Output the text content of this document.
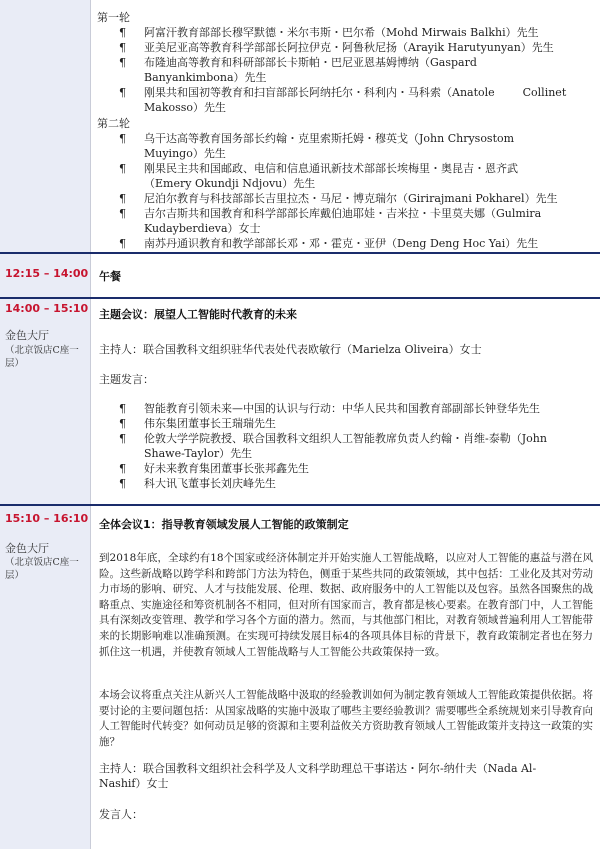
第一轮
¶ 阿富汗教育部部长穆罕默德・米尔韦斯・巴尔希（Mohd Mirwais Balkhi）先生
¶ 亚美尼亚高等教育科学部部长阿拉伊克・阿鲁秋尼扬（Arayik Harutyunyan）先生
¶ 布隆迪高等教育和科研部部长卡斯帕・巴尼亚恩基姆博纳（Gaspard
Banyankimbona）先生
¶ 刚果共和国初等教育和扫盲部部长阿纳托尔・科利内・马科索（Anatole        Collinet
Makosso）先生
第二轮
¶ 乌干达高等教育国务部长约翰・克里索斯托姆・穆英戈（John Chrysostom
Muyingo）先生
¶ 刚果民主共和国邮政、电信和信息通讯新技术部部长埃梅里・奥昆吉・恩齐武
（Emery Okundji Ndjovu）先生
¶ 尼泊尔教育与科技部部长吉里拉杰・马尼・博克瑞尔（Girirajmani Pokharel）先生
¶ 吉尔吉斯共和国教育和科学部部长库戴伯迪耶娃・吉米拉・卡里莫夫娜（Gulmira
Kudayberdieva）女士
¶ 南苏丹通识教育和教学部部长邓・邓・霍克・亚伊（Deng Deng Hoc Yai）先生
12:15 – 14:00 午餐
14:00 – 15:10
金色大厅
（北京饭店C座一层）
主题会议：展望人工智能时代教育的未来
主持人：联合国教科文组织驻华代表处代表欧敏行（Marielza Oliveira）女士
主题发言：
¶ 智能教育引领未来—中国的认识与行动：中华人民共和国教育部副部长钟登华先生
¶ 伟东集团董事长王瑞瑞先生
¶ 伦敦大学学院教授、联合国教科文组织人工智能教席负责人约翰・肖维-泰勒（John
Shawe-Taylor）先生
¶ 好未来教育集团董事长张邦鑫先生
¶ 科大讯飞董事长刘庆峰先生
15:10 – 16:10
金色大厅
（北京饭店C座一层）
全体会议1：指导教育领域发展人工智能的政策制定
到2018年底，全球约有18个国家或经济体制定并开始实施人工智能战略，以应对人工智能的惠益与潜在风险。这些新战略以跨学科和跨部门方法为特色，侧重于某些共同的政策领域，其中包括：工业化及其对劳动力市场的影响、研究、人才与技能发展、伦理、数据、政府服务中的人工智能以及包容。虽然各国聚焦的战略重点、实施途径和筹资机制各不相同，但对所有国家而言，教育都是核心要素。在教育部门中，人工智能具有深刻改变管理、教学和学习各个方面的潜力。然而，与其他部门相比，对教育领域普遍利用人工智能带来的长期影响难以准确预测。在实现可持续发展目标4的各项具体目标的背景下，教育政策制定者也在努力抓住这一机遇，并使教育领域人工智能战略与人工智能公共政策保持一致。
本场会议将重点关注从新兴人工智能战略中汲取的经验教训如何为制定教育领域人工智能政策提供依据。将要讨论的主要问题包括：从国家战略的实施中汲取了哪些主要经验教训？需要哪些全系统规划来引导教育向人工智能时代转变？如何动员足够的资源和主要利益攸关方资助教育领域人工智能政策并支持这一政策的实施？
主持人：联合国教科文组织社会科学及人文科学助理总干事诺达・阿尔-纳什夫（Nada Al-
Nashif）女士
发言人：
